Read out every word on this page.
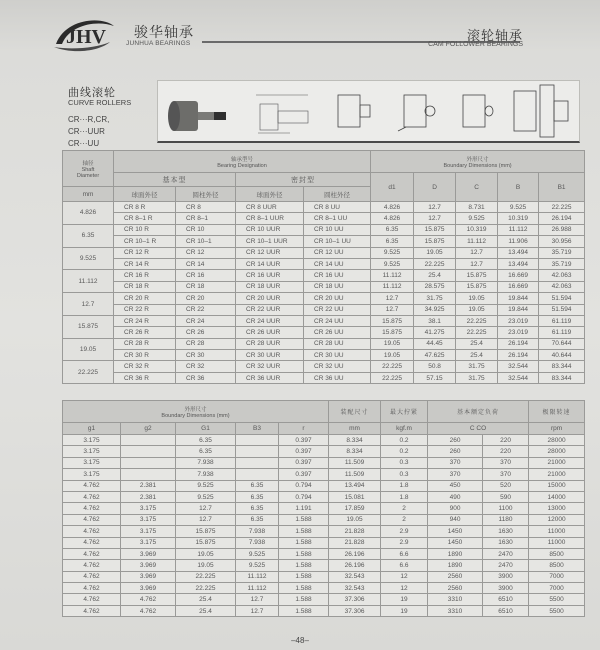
JHV 骏华轴承
JUNHUA BEARINGS
滚轮轴承
CAM FOLLOWER BEARINGS
曲线滚轮
CURVE ROLLERS
CR···R,CR,
CR···UUR
CR···UU
轴径
Shaft
Diameter	轴承型号
Bearing Designation				外形尺寸
Boundary Dimensions (mm)				

	基本型		密封型		d1	D	C	B	B1
mm	球面外径	圆柱外径	球面外径	圆柱外径					
4.826	CR 8 R	CR 8	CR 8 UUR	CR 8 UU	4.826	12.7	8.731	9.525	22.225
	CR 8–1 R	CR 8–1	CR 8–1 UUR	CR 8–1 UU	4.826	12.7	9.525	10.319	26.194
6.35	CR 10 R	CR 10	CR 10 UUR	CR 10 UU	6.35	15.875	10.319	11.112	26.988
	CR 10–1 R	CR 10–1	CR 10–1 UUR	CR 10–1 UU	6.35	15.875	11.112	11.906	30.956
9.525	CR 12 R	CR 12	CR 12 UUR	CR 12 UU	9.525	19.05	12.7	13.494	35.719
	CR 14 R	CR 14	CR 14 UUR	CR 14 UU	9.525	22.225	12.7	13.494	35.719
11.112	CR 16 R	CR 16	CR 16 UUR	CR 16 UU	11.112	25.4	15.875	16.669	42.063
	CR 18 R	CR 18	CR 18 UUR	CR 18 UU	11.112	28.575	15.875	16.669	42.063
12.7	CR 20 R	CR 20	CR 20 UUR	CR 20 UU	12.7	31.75	19.05	19.844	51.594
	CR 22 R	CR 22	CR 22 UUR	CR 22 UU	12.7	34.925	19.05	19.844	51.594
15.875	CR 24 R	CR 24	CR 24 UUR	CR 24 UU	15.875	38.1	22.225	23.019	61.119
	CR 26 R	CR 26	CR 26 UUR	CR 26 UU	15.875	41.275	22.225	23.019	61.119
19.05	CR 28 R	CR 28	CR 28 UUR	CR 28 UU	19.05	44.45	25.4	26.194	70.644
	CR 30 R	CR 30	CR 30 UUR	CR 30 UU	19.05	47.625	25.4	26.194	40.644
22.225	CR 32 R	CR 32	CR 32 UUR	CR 32 UU	22.225	50.8	31.75	32.544	83.344
	CR 36 R	CR 36	CR 36 UUR	CR 36 UU	22.225	57.15	31.75	32.544	83.344
外形尺寸
Boundary Dimensions (mm)					装配尺寸	最大拧紧	基本额定负荷		极限转速
g1	g2	G1	B3	r	mm	kgf.m	C CO		rpm
3.175		6.35		0.397	8.334	0.2	260	220	28000
3.175		6.35		0.397	8.334	0.2	260	220	28000
3.175		7.938		0.397	11.509	0.3	370	370	21000
3.175		7.938		0.397	11.509	0.3	370	370	21000
4.762	2.381	9.525	6.35	0.794	13.494	1.8	450	520	15000
4.762	2.381	9.525	6.35	0.794	15.081	1.8	490	590	14000
4.762	3.175	12.7	6.35	1.191	17.859	2	900	1100	13000
4.762	3.175	12.7	6.35	1.588	19.05	2	940	1180	12000
4.762	3.175	15.875	7.938	1.588	21.828	2.9	1450	1630	11000
4.762	3.175	15.875	7.938	1.588	21.828	2.9	1450	1630	11000
4.762	3.969	19.05	9.525	1.588	26.196	6.6	1890	2470	8500
4.762	3.969	19.05	9.525	1.588	26.196	6.6	1890	2470	8500
4.762	3.969	22.225	11.112	1.588	32.543	12	2560	3900	7000
4.762	3.969	22.225	11.112	1.588	32.543	12	2560	3900	7000
4.762	4.762	25.4	12.7	1.588	37.306	19	3310	6510	5500
4.762	4.762	25.4	12.7	1.588	37.306	19	3310	6510	5500
–48–
